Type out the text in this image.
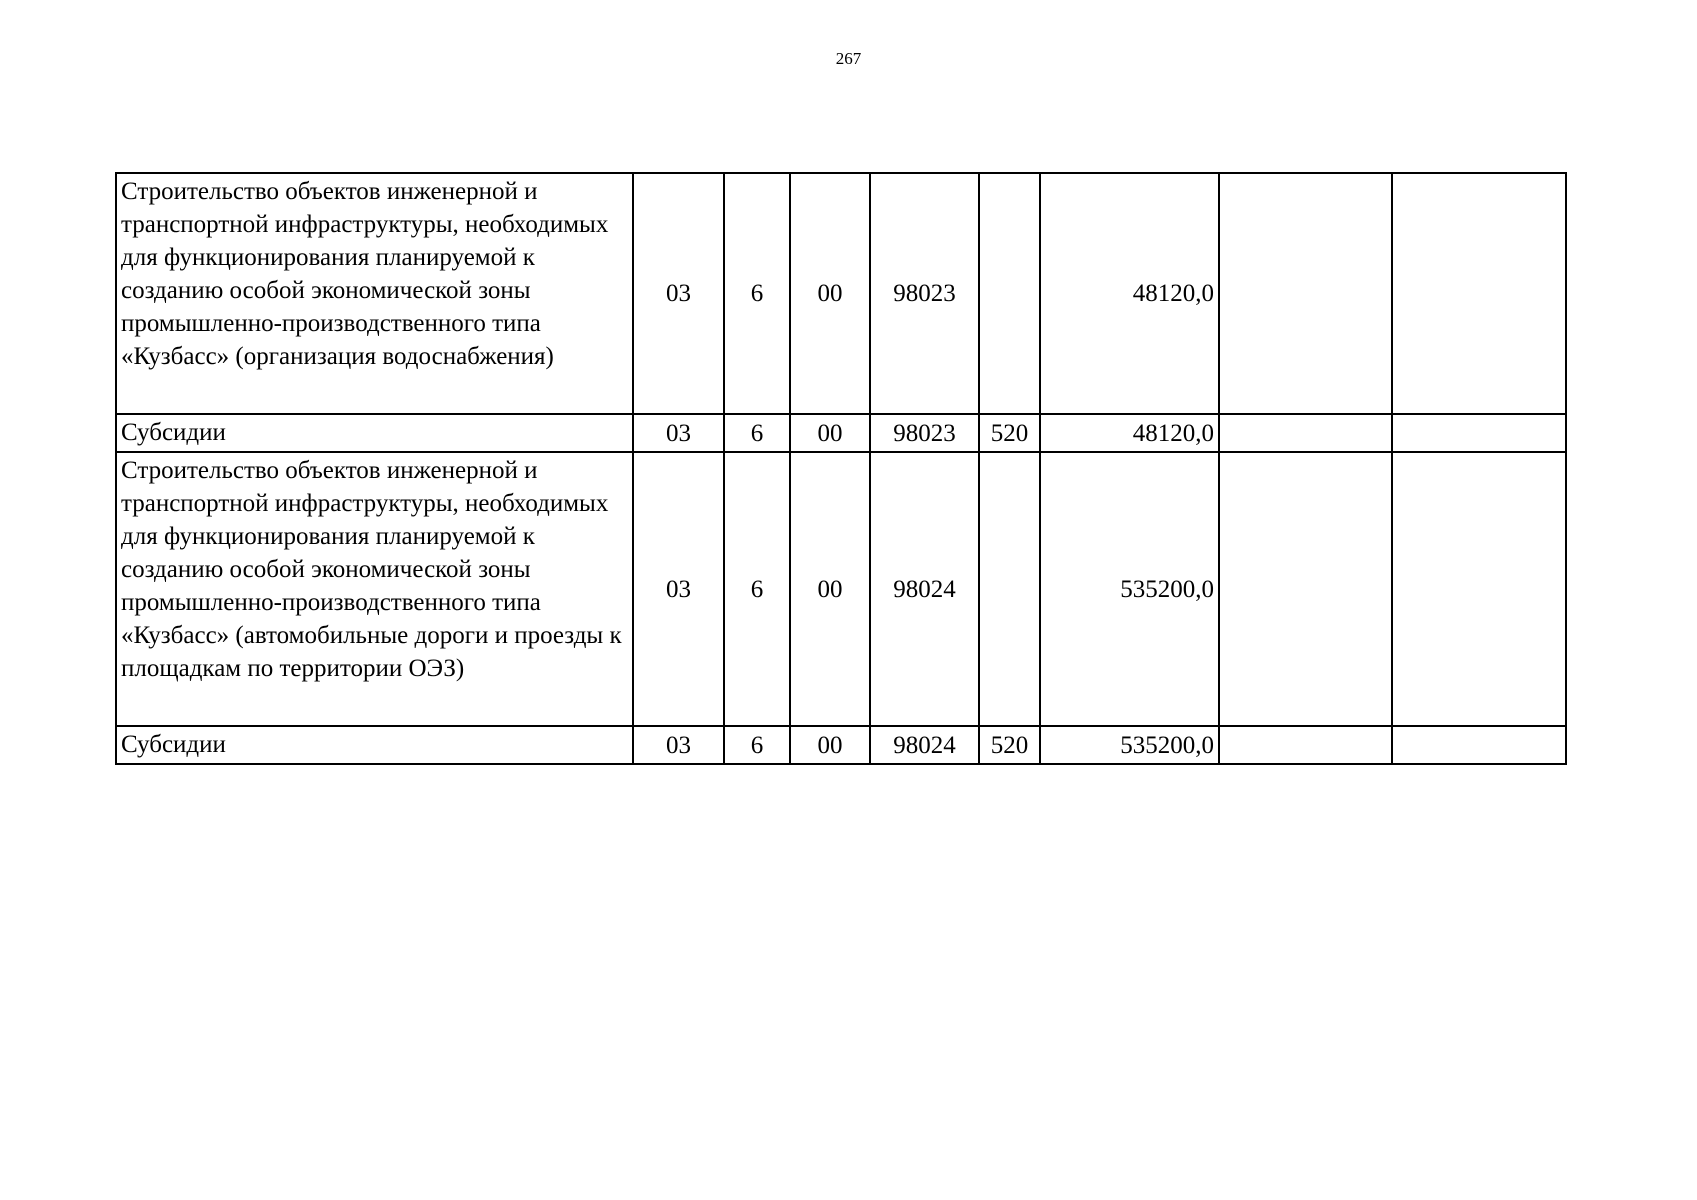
267
Строительство объектов инженерной и транспортной инфраструктуры, необходимых для функционирования планируемой к созданию особой экономической зоны промышленно-производственного типа «Кузбасс» (организация водоснабжения)	03	6	00	98023		48120,0		
Субсидии	03	6	00	98023	520	48120,0		
Строительство объектов инженерной и транспортной инфраструктуры, необходимых для функционирования планируемой к созданию особой экономической зоны промышленно-производственного типа «Кузбасс» (автомобильные дороги и проезды к площадкам по территории ОЭЗ)	03	6	00	98024		535200,0		
Субсидии	03	6	00	98024	520	535200,0		
